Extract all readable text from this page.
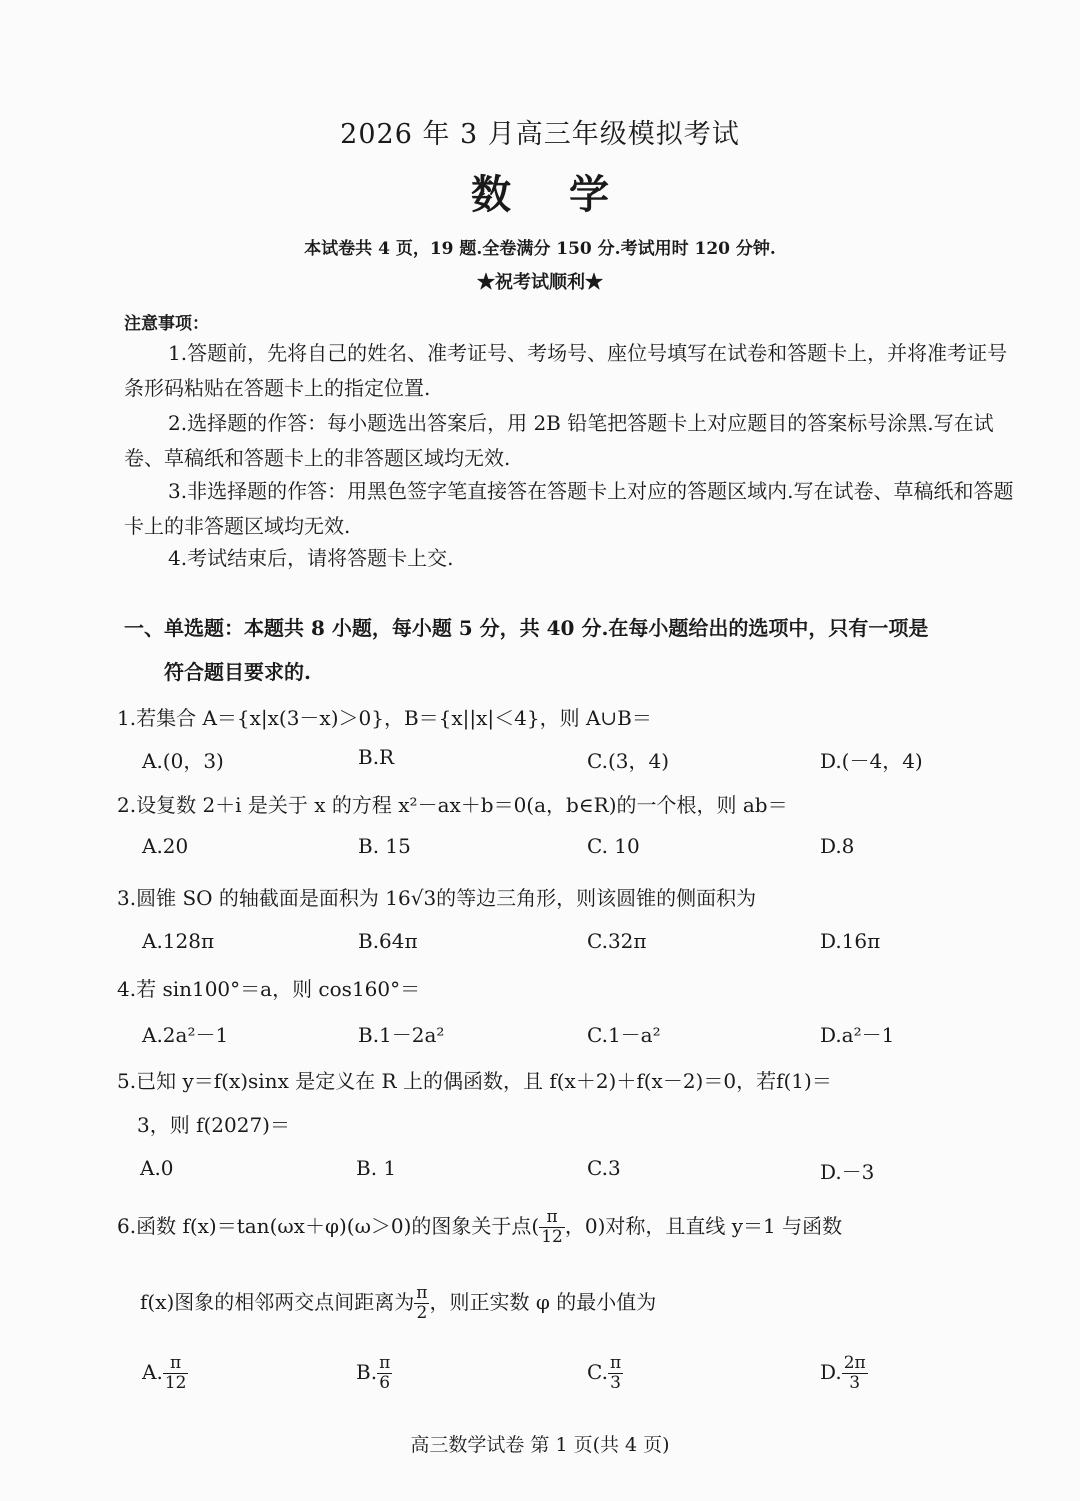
2026 年 3 月高三年级模拟考试
数学
本试卷共 4 页，19 题.全卷满分 150 分.考试用时 120 分钟.
★祝考试顺利★
注意事项：
1.答题前，先将自己的姓名、准考证号、考场号、座位号填写在试卷和答题卡上，并将准考证号条形码粘贴在答题卡上的指定位置.
2.选择题的作答：每小题选出答案后，用 2B 铅笔把答题卡上对应题目的答案标号涂黑.写在试卷、草稿纸和答题卡上的非答题区域均无效.
3.非选择题的作答：用黑色签字笔直接答在答题卡上对应的答题区域内.写在试卷、草稿纸和答题卡上的非答题区域均无效.
4.考试结束后，请将答题卡上交.
一、单选题：本题共 8 小题，每小题 5 分，共 40 分.在每小题给出的选项中，只有一项是
符合题目要求的.
1.若集合 A＝{x|x(3－x)＞0}，B＝{x||x|＜4}，则 A∪B＝
A.(0，3)	B.R	C.(3，4)	D.(－4，4)
2.设复数 2＋i 是关于 x 的方程 x²－ax＋b＝0(a，b∈R)的一个根，则 ab＝
A.20	B. 15	C. 10	D.8
3.圆锥 SO 的轴截面是面积为 16√3的等边三角形，则该圆锥的侧面积为
A.128π	B.64π	C.32π	D.16π
4.若 sin100°＝a，则 cos160°＝
A.2a²－1	B.1－2a²	C.1－a²	D.a²－1
5.已知 y＝f(x)sinx 是定义在 R 上的偶函数，且 f(x＋2)＋f(x－2)＝0，若f(1)＝
3，则 f(2027)＝
A.0	B. 1	C.3	D.－3
6.函数 f(x)＝tan(ωx＋φ)(ω＞0)的图象关于点( $\frac{\pi}{12}$ ，0)对称，且直线 y＝1 与函数
f(x)图象的相邻两交点间距离为 $\frac{\pi}{2}$ ，则正实数 φ 的最小值为
A. $\frac{\pi}{12}$	B. $\frac{\pi}{6}$	C. $\frac{\pi}{3}$	D. $\frac{2\pi}{3}$
高三数学试卷 第 1 页(共 4 页)
